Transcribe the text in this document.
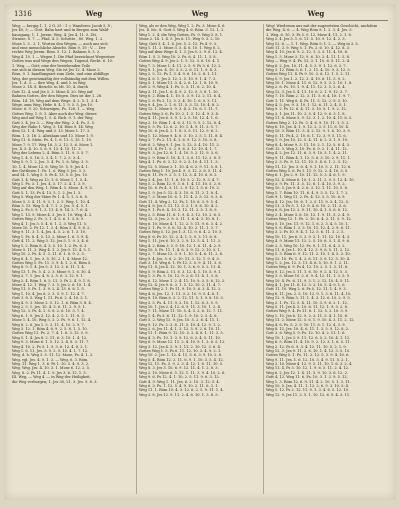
1316	Weg	Weg	Weg
Weg; — bergig 1, 1, 2 Ö. 25 : 1 = Wanderer. Jacob 5, 8 ;
Jes 40, 3; — Gott. Bahn hart und in Bergen zum Wald-
hausgang, 1, 1. Jerem. Weg. 4. Jes 4, 11. 5. Ztt.
Strasse, 8. 7. — Pfad. 4. 5. Schritte , 80. Weg. 1. 2.
Mose 1. 3 . 2. 1. Worten den Wegen; — auch ans sich
und eine menschliche Absicht. Röm 9, 19 ; V. ... Der
rechte Weg Jerem. Röm. 5. 12. 1. Bahnen 8. 3. 2.
Weg 4. 10. 1 — Wegen 1. Die Pfad bezeichnet Wegweiser
Gottes was und Wege den Wegen, Tugend, Recht. 6. 10.
1. Weg. — Gott; eine der bestehenden Teile
wie sich in diesem Weg. Sie ist Jes 12. 4. Mose 2.
Röm. 9. 1. handlungsart zum Ziele, und eine abfällige
Weg, der gesetzmäßig der vollständig mit dem Willen
Jes. 1. d. 3. — ihre Weg. 4. und 5. in Weg
Mose 2. 14. 8. Bericht. in Mt. 10, 4. durch
Gott 12. 4. und Jes 5. 3. Mose 4. 20. Weg auf
Bahnen Gottes, der den Wegen. Dies ist der 1. 28.
Röm. 14. 18. Weg auf dem Wege. 4. 2. 5. 1. 3. 4.
Wege, zum Weg, Hebr. 8. 4. 1. 9. 5. 5. Jes 10.
Mose. 6. 9. 20. Schweigen, Ps. 128, 1. — Weg
Gottes Weg, 1. 8. 3. Aber auch der Weg: dieses
Weg und auf Weg 1. 5. 4. Rich. 9. 1. der Weg
Gott 2. 4. Jes 3. — Weg der Weg. 2. 4. Ps. 5. 5.
Weg der Ruhe 1. Weg. 5. 14. Röm 9. 14. Weg
dem 12. 1. 4. Weg und 3. 13. Mose 1. 17. 3.
Röm. 1. 3. 16. 2. Abraham und 13. Mose 1. 9.
Weg 11. 6. Stein. Ps. 4. 1. 6. 11. 5. 15. 1. 10.
Mose 7. 9. 17. Weg 16. 3. 2. 12. 5. 6. Mose 1.
Jes. 4. 5. 4. 10. 5. 6. 9. 13. 4. 15. 11. 3.
Weg des Lebens 2. 4. Röm 3. 11. 9. 3. 5. 7.
Weg 1. 4. 5. 16. 2. 3. 4. 1. 7. 2. 5. 3. 4.
Weg 5. 9. 1. 2. Jes. 3. 4. Ps. 1. 6. Weg. 3. 5.
10. 1. 4. Mose 12. 6. Weg 10. 5. 9. Jes 4. 1.
der Gottlosen 1. Ps. 1. 6. Weg 5. Jes. 3. 5.
und 14. 1. Weg 5. 5. Ps 4. 13. 5. 6. Jes. 10.
Gott 1. 4. Weg zu 13. 1. 6. Mose 1. 1. 5. 4.
Weg 1. Ps. 3. 1. Jes. 4. 5. 17. 2. 4. 1. 3. 9.
Weg auf den Weg, 1. Röm 4. 5. Mose. 4. 9. 3.
Gott 5. 1. 13. Ps 4. 13. 5. 1. 2. Jes 1. 3.
Weg 5. Weg der Väter Ps 1. 4. 5. 1. 3. 6. 8.
Mose 5. 3. 4. 11. 9. 3. 1. 2. 5. Weg. 1. 10. 4.
Röm 3. 13. Weg 5. 4. 7. 1. 2. Jes. 3. 4. 5. 1.
Weg 2. Ps 5. 9. 1. 3. 11. 4. 8. 14. 2. 7. 6. 4.
Weg 1. 13. 9. Mose 4. 3. Jes 5. 10. Weg. 4. 2.
Gottes Weg 2. Ps. 3. 1. 4. 5. 6. 1. 3. 8. 9.
Weg 4. 1. Jes 3. 5. 4. 6. 1. 2. 3. Weg 11. 5.
Mose 10. 2. Ps 12. 1. 3. 4. Röm 3. 4. 9. 8. 2.
Weg 9. 11. 3. 1. 4. Jes. 4. 5. 2. 6. 1. 3. 10.
Weg 1. Ps. 8. 4. 5. 13. 2. Mose 1. 6. 5. 9. 4.
Gott 4. 11. 2. Weg 3. 12. Jes 5. 1. 9. 3. 4. 6.
Weg 1. 2. Röm 8. 4. 3. 5. 10. 1. 2. Ps. 6. 3.
Mose 5. 11. 3. Weg 4. 1. 2. Jes 9. 13. 4. 5. 1.
Weg 10. 2. Ps. 4. 5. 3. 11. 6. 1. 8. 9. 2. 3.
Weg 6. 4. 1. Jes. 3. 5. 10. 2. 1. 4. Mose 12.
Gottes Weg 5. Ps. 11. 3. 9. 4. 1. 2. 6. Röm 5.
Weg 8. 9. 1. 4. Jes 5. 3. 12. 2. 6. 11. 1. 4.
Weg 13. 1. Ps. 5. 4. 2. 3. Mose 9. 1. 6. 10. 4.
Weg 3. 7. 1. Jes. 4. 8. 2. 5. 6. 3. 12. 9. 1.
Weg 2. 4. Röm 1. 6. 5. 11. 3. Ps 2. 4. 9. 1. 8.
Mose 4. 12. 1. Weg 7. 3. 5. Jes 2. 6. 10. 1. 4.
Weg 11. 5. Ps. 1. 3. 9. 2. 4. 13. 6. 8. 1. 5.
Weg 1. 10. 4. Jes 6. 2. 3. 5. 9. 1. 12. 4. 7.
Gott 3. 8. 5. Weg 1. 11. Ps 6. 2. 4. 10. 3. 1.
Weg 4. 9. 3. Mose 2. 5. 12. 1. 6. Röm 3. 8. 4.
Weg 2. 5. 1. Jes. 10. 4. 3. 6. 11. 2. 9. 5. 1.
Weg 12. 3. Ps. 4. 1. 5. 8. 2. 6. 10. 3. 7. 4.
Weg 6. 1. 9. Jes 3. 12. 4. 2. 5. 1. 11. 8. 3.
Mose 1. 4. 10. Weg 5. 3. 2. Ps. 9. 6. 1. 12. 4.
Weg 8. 2. 6. Jes 1. 5. 3. 11. 4. 10. 2. 9. 7.
Weg 3. 12. 1. Röm 4. 6. 9. 2. 5. 8. 1. 3. 10.
Gottes Weg 11. Ps. 2. 7. 4. 1. 6. 3. 12. 5. 9.
Weg 5. 1. 4. Jes 8. 2. 11. 6. 3. 10. 1. 4. 12.
Weg 9. 3. Mose 6. 1. 5. 12. 2. 4. 8. 3. 11. 7.
Weg 4. 10. 2. Ps 5. 1. 9. 3. 6. 12. 4. 8. 2. 1.
Weg 1. 6. 11. Jes. 3. 9. 2. 5. 10. 4. 1. 7. 12.
Weg, d. h. Weg 3. 5. 11. 12. Mose, Ps. 4. 1. 2.
Weg, vgl. Jes. 4. 9. 1. 3. — Weg. 6. 3. Röm.
Weg. 11. Weg 1. 3. 6. Ps 1. 10. 5. 4. 9. 3. 2.
Weg. Weg. Jes. 4. 10. 3. 1. Mose 6. 12. 2. 5.
Weg. 8. 2. Ps 11. 4. 1. 9. Jes 3. 6. 12. 1. 5.
III. Weg, — Weg 4. — in Weg der Heiligkeit,
die Weg verborgen; 1. Jes 30, 21. 3. Jes. 9. 6. 3.
Weg, als er den Weg, Weg 1. 2. Ps. 3. Mose 4. 6.
Jes. 4. Mc. 8. Gott 3. Weg 4. 6. Röm. 3. 12. 1. 2.
Weg 1. 2. 4. die Weg Gottes, Ps. 9. Weg 3. 8. 1.
Mose 2. 14. 1. 4. 5. Jes 6. 11. Weg 9. 3. 2. 10.
Weg; Gott 3. 4. 1. 6. Jes. 5. 2. 12. Ps 4. 9. 3.
Weg 1. 11. 2. Mose 3. 5. 4. 6. 10. 1. Weg 8. 2.
Weg auf dem Wege 4. 1. 3. Jes 5. 2. 9. 6. 12. 4.
Röm 1. 5. 3. Weg 10. 2. Ps. 6. 4. 11. 1. 3. 8.
Gottes Weg 4. 9. Jes 2. 1. 5. 12. 3. 6. 10. 4. 1.
Weg 7. 3. Mose 1. 4. 11. 2. 5. 9. Ps 3. 6. 12. 2.
Weg 8. 1. Jes. 4. 10. 3. 5. 2. 6. 11. 1. 9. 4. 3.
Weg 2. 5. 12. Ps 1. 3. 4. 9. 6. 10. 2. 8. 1. 11.
Weg 4. 6. 1. Jes 3. 12. 2. 5. 10. 9. 1. 4. 7. 3.
Weg 5. 1. Mose 11. 3. 4. 2. 6. 12. 1. 8. 10. 9.
Gott 2. 9. Weg 4. 1. Ps. 5. 3. 11. 6. 2. 10. 4.
Weg 3. 11. Jes 1. 6. 4. 9. 2. 12. 5. 3. 8. 1. 10.
Weg 6. 2. Röm 4. 1. 10. 5. 3. 9. 12. 2. 11. 6. 4.
Weg 1. 8. Ps 3. 12. 5. 2. 4. 10. 1. 6. 9. 3. 11.
Weg 9. 4. Jes. 2. 1. 6. 11. 5. 3. 12. 10. 4. 8. 2.
Weg 12. 1. Mose 5. 9. 3. 4. 2. 10. 6. 1. 11. 7.
Gottes Weg 3. 6. Ps 10. 2. 1. 5. 12. 4. 9. 3. 8.
Weg 4. 11. Jes 6. 3. 9. 1. 2. 5. 10. 12. 4. 1. 6.
Weg 2. 10. Röm 1. 4. 6. 3. 11. 9. 5. 2. 12. 8. 4.
Weg 5. 3. Ps. 12. 6. 2. 10. 1. 4. 9. 11. 3. 5. 7.
Weg 10. 6. Jes 4. 2. 1. 8. 3. 5. 11. 12. 9. 6. 2.
Weg 1. 12. Mose 9. 4. 6. 3. 10. 2. 5. 1. 11. 8. 4.
Weg 3. 7. Ps 2. 11. 4. 1. 6. 9. 12. 5. 10. 3. 8.
Gott 6. 2. Weg 9. 1. Jes. 5. 12. 3. 4. 10. 11. 2.
Weg 11. 4. Ps 1. 5. 2. 9. 6. 3. 12. 10. 4. 1. 7.
Weg 8. 3. Jes 12. 6. 1. 4. 10. 5. 2. 11. 9. 3. 6.
Weg 2. 9. Röm 5. 10. 4. 1. 3. 6. 11. 12. 2. 8. 5.
Weg 4. 1. Ps. 6. 3. 12. 9. 2. 5. 10. 4. 11. 1. 3.
Weg 12. 5. Mose 3. 1. 10. 4. 6. 2. 9. 11. 5. 8. 1.
Gottes Weg 1. 10. Jes 4. 9. 3. 12. 2. 6. 5. 11. 4.
Weg 6. 11. Ps 9. 2. 5. 1. 12. 3. 4. 10. 6. 8. 2.
Weg 3. 4. Jes. 11. 1. 6. 10. 5. 2. 12. 9. 3. 4. 7.
Weg 5. 2. Röm 12. 9. 3. 6. 1. 4. 11. 10. 5. 2. 8.
Weg 10. 6. Ps 4. 3. 11. 2. 9. 12. 1. 5. 6. 10. 3.
Weg 1. 9. Jes 5. 12. 4. 3. 10. 6. 11. 2. 1. 8. 4.
Weg 7. 3. Mose 10. 6. 1. 11. 4. 2. 5. 12. 9. 3. 6.
Gott 11. 4. Weg 2. 12. Ps. 1. 10. 6. 3. 9. 5. 4.
Weg 4. 8. Jes 3. 11. 12. 5. 2. 1. 9. 6. 10. 4. 2.
Weg 9. 1. Ps 6. 4. 10. 3. 12. 11. 2. 5. 1. 8. 9.
Weg 2. 5. Röm 11. 6. 1. 9. 4. 3. 12. 10. 2. 6. 5.
Weg 12. 3. Jes. 2. 9. 5. 11. 1. 6. 4. 3. 10. 8. 1.
Weg 6. 10. Mose 4. 1. 12. 2. 5. 11. 9. 6. 3. 4. 2.
Weg 3. 1. Ps. 9. 5. 6. 12. 4. 10. 2. 11. 1. 3. 7.
Gottes Weg 5. 12. Jes 1. 3. 11. 9. 6. 4. 2. 10. 5.
Weg 8. 6. Ps 10. 12. 2. 4. 1. 5. 9. 3. 11. 6. 8.
Weg 1. 11. Jes 6. 10. 3. 2. 9. 12. 5. 4. 1. 11. 3.
Weg 4. 2. Röm 3. 5. 9. 10. 12. 1. 6. 11. 4. 2. 9.
Weg 10. 5. Ps. 11. 1. 4. 6. 3. 9. 12. 2. 10. 5. 1.
Weg 2. 7. Mose 12. 3. 9. 1. 10. 5. 4. 6. 11. 2. 8.
Weg 9. 4. Jes. 5. 6. 2. 10. 11. 3. 12. 1. 9. 4. 3.
Gott 3. 10. Weg 6. 1. Ps 12. 2. 5. 9. 4. 11. 3. 6.
Weg 11. 8. Jes 4. 12. 10. 1. 3. 6. 9. 5. 2. 11. 4.
Weg 5. 9. Röm 2. 11. 6. 3. 12. 4. 1. 10. 5. 9. 1.
Weg 1. 3. Ps. 5. 10. 12. 9. 2. 6. 11. 4. 1. 3. 8.
Weg 6. 12. Mose 1. 2. 4. 11. 10. 9. 3. 5. 6. 12. 2.
Weg 12. 4. Jes 9. 6. 3. 1. 5. 12. 10. 2. 11. 4. 7.
Gottes Weg 2. 1. Ps 11. 9. 10. 5. 6. 3. 4. 12. 2.
Weg 4. 6. Jes. 12. 1. 11. 3. 2. 10. 9. 5. 4. 6. 1.
Weg 8. 10. Röm 6. 3. 2. 12. 11. 5. 1. 9. 8. 10. 3.
Weg 3. 5. Ps. 4. 11. 9. 2. 10. 1. 12. 6. 3. 5. 9.
Weg 10. 1. Jes 2. 4. 12. 6. 9. 11. 3. 10. 1. 2. 4.
Weg 7. 11. Mose 11. 10. 5. 4. 3. 2. 6. 12. 7. 11.
Weg 1. 4. Ps 3. 6. 11. 12. 1. 9. 10. 2. 5. 4. 6.
Gott 5. 2. Weg 12. 9. Jes. 10. 5. 2. 6. 4. 11. 1.
Weg 9. 12. Ps. 2. 3. 6. 11. 5. 10. 4. 12. 9. 1. 2.
Weg 2. 6. Jes 11. 4. 1. 3. 12. 5. 9. 2. 6. 10. 11.
Weg 11. 1. Röm 9. 12. 10. 5. 2. 4. 6. 1. 11. 3. 5.
Weg 4. 3. Ps. 10. 1. 3. 9. 12. 6. 2. 4. 5. 11. 10.
Weg 6. 9. Mose 12. 11. 2. 4. 10. 9. 1. 3. 6. 5. 12.
Weg 3. 12. Jes 4. 5. 9. 1. 11. 2. 10. 12. 3. 6. 4.
Gottes Weg 1. 5. Ps 6. 11. 12. 10. 3. 4. 9. 2. 1.
Weg 10. 2. Jes. 1. 12. 4. 11. 5. 6. 3. 9. 10. 2. 8.
Weg 5. 4. Röm 12. 2. 11. 6. 9. 1. 10. 3. 5. 4. 12.
Weg 12. 11. Ps. 5. 9. 2. 3. 4. 12. 1. 6. 11. 10. 5.
Weg 8. 3. Jes 3. 10. 6. 9. 12. 11. 4. 1. 2. 8. 3.
Weg 2. 10. Mose 6. 5. 12. 1. 11. 3. 9. 4. 10. 2. 6.
Weg 9. 6. Ps 12. 4. 1. 10. 2. 5. 11. 9. 6. 3. 12.
Gott 4. 9. Weg 1. 11. Jes. 6. 2. 10. 3. 12. 5. 4.
Weg 6. 3. Ps. 1. 12. 5. 4. 9. 10. 2. 11. 6. 3. 1.
Weg 11. 1. Röm 10. 4. 3. 12. 6. 2. 5. 9. 11. 1. 4.
Weg 3. 8. Jes 12. 9. 11. 2. 4. 6. 10. 1. 3. 8. 5.
Weg! Wiederum aus mit der zugesetzten Geschicht, nachdem
die Weg. 4. 6. — 4. Weg Röm 9. 1. 2. 3. 4. Jes. 5.
1. Weg. 6. 10. 3. Ps 5. 9. 12. Mose 4. 11. 2. 1. 8.
Weg 2. 4. Jes 3. 1. 6. 11. 5. 10. 9. 12. 4. 2. 3.
Weg 12. 6. — 1. 1. Weg. Röm 9. 1. 2. — Weg in 3. 5.
Gott 11. 3. 9. Weg 5. 1. Ps. 2. 6. 10. 4. 12. 8. 3.
Weg 4. 10. Jes 6. 9. 2. 12. 1. 3. 5. 11. 4. 10. 6.
Weg 1. 5. Mose 3. 12. 9. 6. 10. 2. 4. 11. 1. 5. 8.
Weg — Weg 9. 4. Ps. 12. 3. 1. 10. 6. 5. 11. 2. 4.
Weg 6. 2. Jes. 10. 11. 4. 5. 3. 9. 1. 12. 6. 2. 7.
Weg 3. 12. Röm 5. 6. 1. 2. 11. 4. 10. 9. 3. 12. 5.
Gottes Weg 11. 4. Ps 9. 10. 3. 6. 12. 1. 5. 2. 11.
Weg 5. 9. Jes 1. 2. 12. 3. 4. 10. 6. 11. 5. 9. 2.
Weg 10. 1. Mose 4. 11. 6. 12. 9. 5. 3. 2. 10. 1. 8.
Weg 2. 6. Ps. 10. 1. 9. 4. 11. 12. 3. 5. 2. 6. 4.
Weg 12. 3. Jes 5. 4. 11. 10. 6. 2. 1. 9. 12. 3. 7.
Weg 7. 10. Röm 2. 12. 3. 11. 5. 6. 4. 10. 1. 9. 7.
Gott 1. 11. Weg 6. 4. Ps. 11. 5. 12. 2. 9. 3. 10.
Weg 4. 5. Jes. 9. 3. 10. 1. 12. 6. 11. 2. 4. 5. 1.
Weg 9. 2. Ps 12. 6. 4. 11. 3. 10. 5. 1. 9. 2. 12.
Weg 3. 1. Jes 11. 10. 2. 5. 4. 12. 9. 6. 3. 1. 8.
Weg 11. 6. Mose 5. 9. 12. 3. 1. 2. 10. 4. 11. 6. 5.
Gottes Weg 2. 12. Ps. 3. 4. 6. 9. 10. 11. 1. 5. 2.
Weg 6. 10. Jes. 4. 1. 9. 12. 2. 3. 5. 11. 6. 10. 4.
Weg 10. 3. Röm 11. 5. 4. 2. 12. 9. 1. 6. 10. 3. 9.
Weg 5. 11. Ps 4. 2. 10. 6. 1. 12. 3. 9. 5. 11. 6.
Weg 1. 9. Jes 10. 12. 5. 4. 11. 6. 2. 3. 1. 9. 10.
Weg 8. 4. Mose 9. 3. 11. 10. 2. 1. 12. 5. 8. 4. 3.
Gott 12. 5. Weg 3. 10. Ps. 6. 9. 2. 1. 4. 11. 12.
Weg 4. 2. Jes 12. 11. 6. 3. 9. 10. 5. 1. 4. 2. 11.
Weg 9. 11. Röm 4. 1. 12. 5. 6. 3. 10. 2. 9. 11. 1.
Weg 2. 3. Ps. 9. 12. 11. 10. 5. 4. 6. 1. 2. 3. 12.
Weg 11. 12. Jes. 3. 6. 4. 9. 1. 10. 5. 2. 11. 12. 6.
Gottes Weg 5. 6. Ps 1. 11. 9. 12. 2. 4. 10. 3. 5.
Weg 6. 1. Jes 2. 9. 10. 11. 12. 5. 3. 4. 6. 1. 9.
Weg 12. 4. Mose 6. 10. 1. 3. 11. 2. 9. 5. 12. 4. 10.
Weg 3. 9. Ps. 11. 3. 5. 12. 6. 1. 4. 10. 3. 9. 2.
Weg 10. 5. Jes 9. 4. 2. 6. 3. 12. 1. 11. 10. 5. 8.
Weg 1. 7. Röm 10. 11. 6. 4. 9. 3. 5. 12. 1. 7. 2.
Gott 9. 1. Weg 11. 2. Ps. 4. 12. 3. 5. 10. 6. 9.
Weg 4. 12. Jes. 10. 6. 1. 2. 5. 11. 9. 3. 4. 12. 5.
Weg 11. 3. Ps 5. 1. 12. 9. 4. 6. 10. 2. 11. 3. 6.
Weg 6. 8. Jes 12. 2. 9. 11. 10. 4. 1. 5. 6. 8. 12.
Weg 2. 4. Mose 3. 6. 10. 12. 1. 9. 11. 5. 2. 4. 9.
Gottes Weg 12. 1. Ps. 2. 10. 6. 4. 3. 11. 5. 9. 12.
Weg 5. 10. Jes. 11. 9. 12. 1. 6. 2. 3. 4. 5. 10. 1.
Weg 9. 6. Röm 1. 3. 5. 10. 11. 12. 4. 2. 9. 6. 11.
Weg 3. 2. Ps 10. 9. 4. 1. 12. 5. 6. 11. 3. 2. 5.
Weg 10. 11. Jes 6. 5. 3. 9. 2. 1. 11. 12. 10. 4. 3.
Weg 4. 9. Mose 11. 12. 2. 5. 10. 6. 3. 1. 4. 9. 6.
Gott 2. 5. Weg 10. 12. Ps. 9. 1. 11. 6. 4. 3. 2.
Weg 11. 6. Jes 1. 10. 4. 12. 3. 9. 6. 5. 11. 2. 12.
Weg 5. 3. Röm 6. 9. 12. 11. 2. 10. 1. 4. 5. 3. 10.
Weg 12. 10. Ps. 1. 4. 2. 6. 11. 3. 9. 12. 5. 10. 4.
Weg 1. 2. Jes. 12. 3. 11. 4. 6. 5. 10. 9. 1. 2. 11.
Gottes Weg 6. 9. Ps 4. 12. 10. 2. 5. 1. 3. 11. 6.
Weg 9. 12. Jes 3. 11. 1. 6. 10. 9. 2. 4. 12. 5. 3.
Weg 3. 5. Mose 10. 2. 6. 9. 4. 12. 11. 1. 3. 5. 9.
Weg 10. 4. Ps. 6. 11. 9. 3. 1. 2. 12. 10. 4. 5. 11.
Weg 4. 1. Jes 11. 6. 12. 3. 2. 10. 5. 4. 9. 1. 6.
Gott 11. 10. Weg 2. 6. Ps 5. 12. 11. 1. 4. 9. 3.
Weg 6. 11. Jes. 2. 5. 10. 12. 9. 1. 3. 6. 11. 4. 10.
Weg 12. 9. Röm 5. 11. 1. 4. 3. 12. 6. 10. 2. 9. 5.
Weg 2. 1. Ps. 12. 5. 4. 11. 10. 3. 9. 6. 2. 1. 12.
Weg 5. 11. Jes 4. 3. 10. 6. 11. 12. 1. 9. 5. 2. 8.
Gottes Weg 9. 4. Ps 11. 6. 1. 12. 5. 2. 10. 3. 9.
Weg 1. 10. Jes 6. 12. 9. 2. 3. 11. 5. 4. 1. 10. 6.
Weg 11. 2. Mose 12. 5. 6. 1. 9. 10. 4. 3. 11. 2. 12.
Weg 4. 6. Ps. 5. 2. 9. 10. 11. 6. 1. 12. 4. 3. 9.
Weg 8. 12. Jes. 10. 4. 6. 11. 1. 3. 5. 9. 12. 8. 2.
Gott 3. 6. Weg 5. 9. Ps. 12. 10. 4. 2. 11. 1. 6.
Weg 10. 1. Jes 3. 9. 11. 12. 6. 5. 2. 10. 4. 1. 12.
Weg 6. 5. Röm 11. 4. 10. 9. 2. 12. 3. 1. 6. 5. 11.
Weg 2. 12. Ps 6. 9. 3. 4. 12. 11. 10. 5. 2. 1. 9.
Weg 12. 3. Jes 9. 11. 2. 6. 10. 1. 4. 12. 3. 5. 10.
Gottes Weg 5. 1. Ps. 11. 2. 12. 5. 3. 9. 4. 10. 6.
Weg 9. 11. Jes. 1. 6. 12. 10. 3. 4. 9. 11. 5. 2. 1.
Weg 3. 10. Mose 4. 12. 9. 5. 11. 10. 1. 6. 3. 2. 4.
Weg 11. 4. Ps 3. 10. 12. 1. 9. 6. 5. 11. 2. 4. 12.
Weg 6. 2. Jes 12. 1. 4. 11. 5. 9. 10. 3. 6. 12. 2.
Gott 4. 12. Weg 11. 6. Ps. 10. 3. 1. 2. 9. 5. 12.
Weg 1. 3. Röm 12. 6. 9. 11. 4. 2. 10. 5. 1. 3. 11.
Weg 10. 5. Jes. 4. 11. 1. 12. 2. 6. 9. 3. 10. 5. 4.
Weg 5. 12. Ps 2. 12. 11. 9. 1. 3. 4. 6. 5. 12. 10.
Weg 12. 9. Jes 11. 2. 5. 1. 10. 12. 6. 9. 4. 3. 11.
